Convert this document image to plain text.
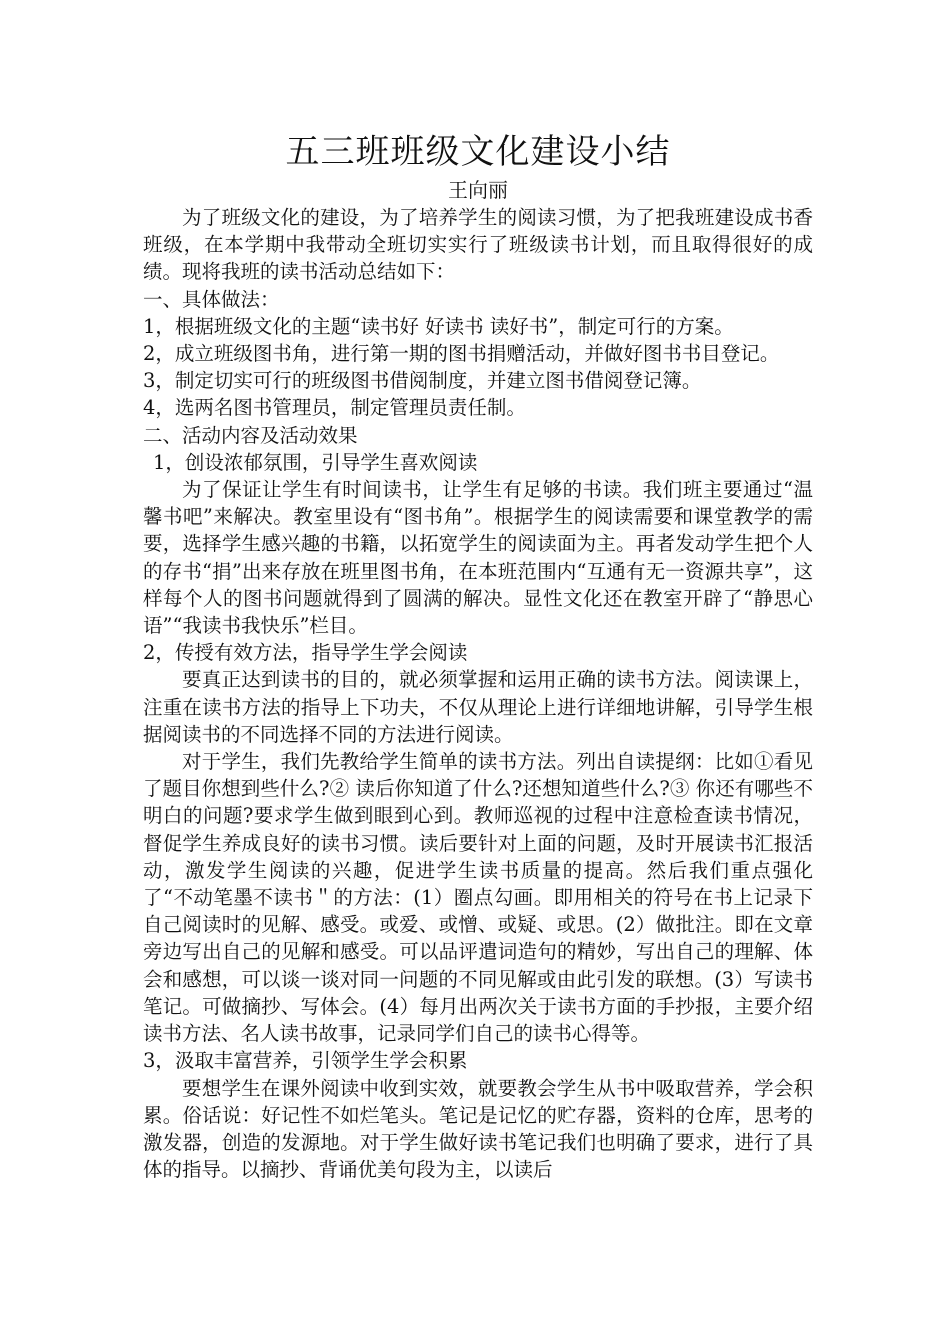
五三班班级文化建设小结
王向丽

为了班级文化的建设，为了培养学生的阅读习惯，为了把我班建设成书香班级，在本学期中我带动全班切实实行了班级读书计划，而且取得很好的成绩。现将我班的读书活动总结如下：

一、具体做法：

1，根据班级文化的主题“读书好 好读书 读好书”，制定可行的方案。

2，成立班级图书角，进行第一期的图书捐赠活动，并做好图书书目登记。

3，制定切实可行的班级图书借阅制度，并建立图书借阅登记簿。

4，选两名图书管理员，制定管理员责任制。

二、活动内容及活动效果

1，创设浓郁氛围，引导学生喜欢阅读

为了保证让学生有时间读书，让学生有足够的书读。我们班主要通过“温馨书吧”来解决。教室里设有“图书角”。根据学生的阅读需要和课堂教学的需要，选择学生感兴趣的书籍，以拓宽学生的阅读面为主。再者发动学生把个人的存书“捐”出来存放在班里图书角，在本班范围内“互通有无一资源共享”，这样每个人的图书问题就得到了圆满的解决。显性文化还在教室开辟了“静思心语”“我读书我快乐”栏目。

2，传授有效方法，指导学生学会阅读

要真正达到读书的目的，就必须掌握和运用正确的读书方法。阅读课上，注重在读书方法的指导上下功夫，不仅从理论上进行详细地讲解，引导学生根据阅读书的不同选择不同的方法进行阅读。

对于学生，我们先教给学生简单的读书方法。列出自读提纲：比如①看见了题目你想到些什么?② 读后你知道了什么?还想知道些什么?③ 你还有哪些不明白的问题?要求学生做到眼到心到。教师巡视的过程中注意检查读书情况，督促学生养成良好的读书习惯。读后要针对上面的问题，及时开展读书汇报活动，激发学生阅读的兴趣，促进学生读书质量的提高。然后我们重点强化了“不动笔墨不读书＂的方法：(1）圈点勾画。即用相关的符号在书上记录下自己阅读时的见解、感受。或爱、或憎、或疑、或思。(2）做批注。即在文章旁边写出自己的见解和感受。可以品评遣词造句的精妙，写出自己的理解、体会和感想，可以谈一谈对同一问题的不同见解或由此引发的联想。(3）写读书笔记。可做摘抄、写体会。(4）每月出两次关于读书方面的手抄报，主要介绍读书方法、名人读书故事，记录同学们自己的读书心得等。

3，汲取丰富营养，引领学生学会积累

要想学生在课外阅读中收到实效，就要教会学生从书中吸取营养，学会积累。俗话说：好记性不如烂笔头。笔记是记忆的贮存器，资料的仓库，思考的激发器，创造的发源地。对于学生做好读书笔记我们也明确了要求，进行了具体的指导。以摘抄、背诵优美句段为主，以读后
